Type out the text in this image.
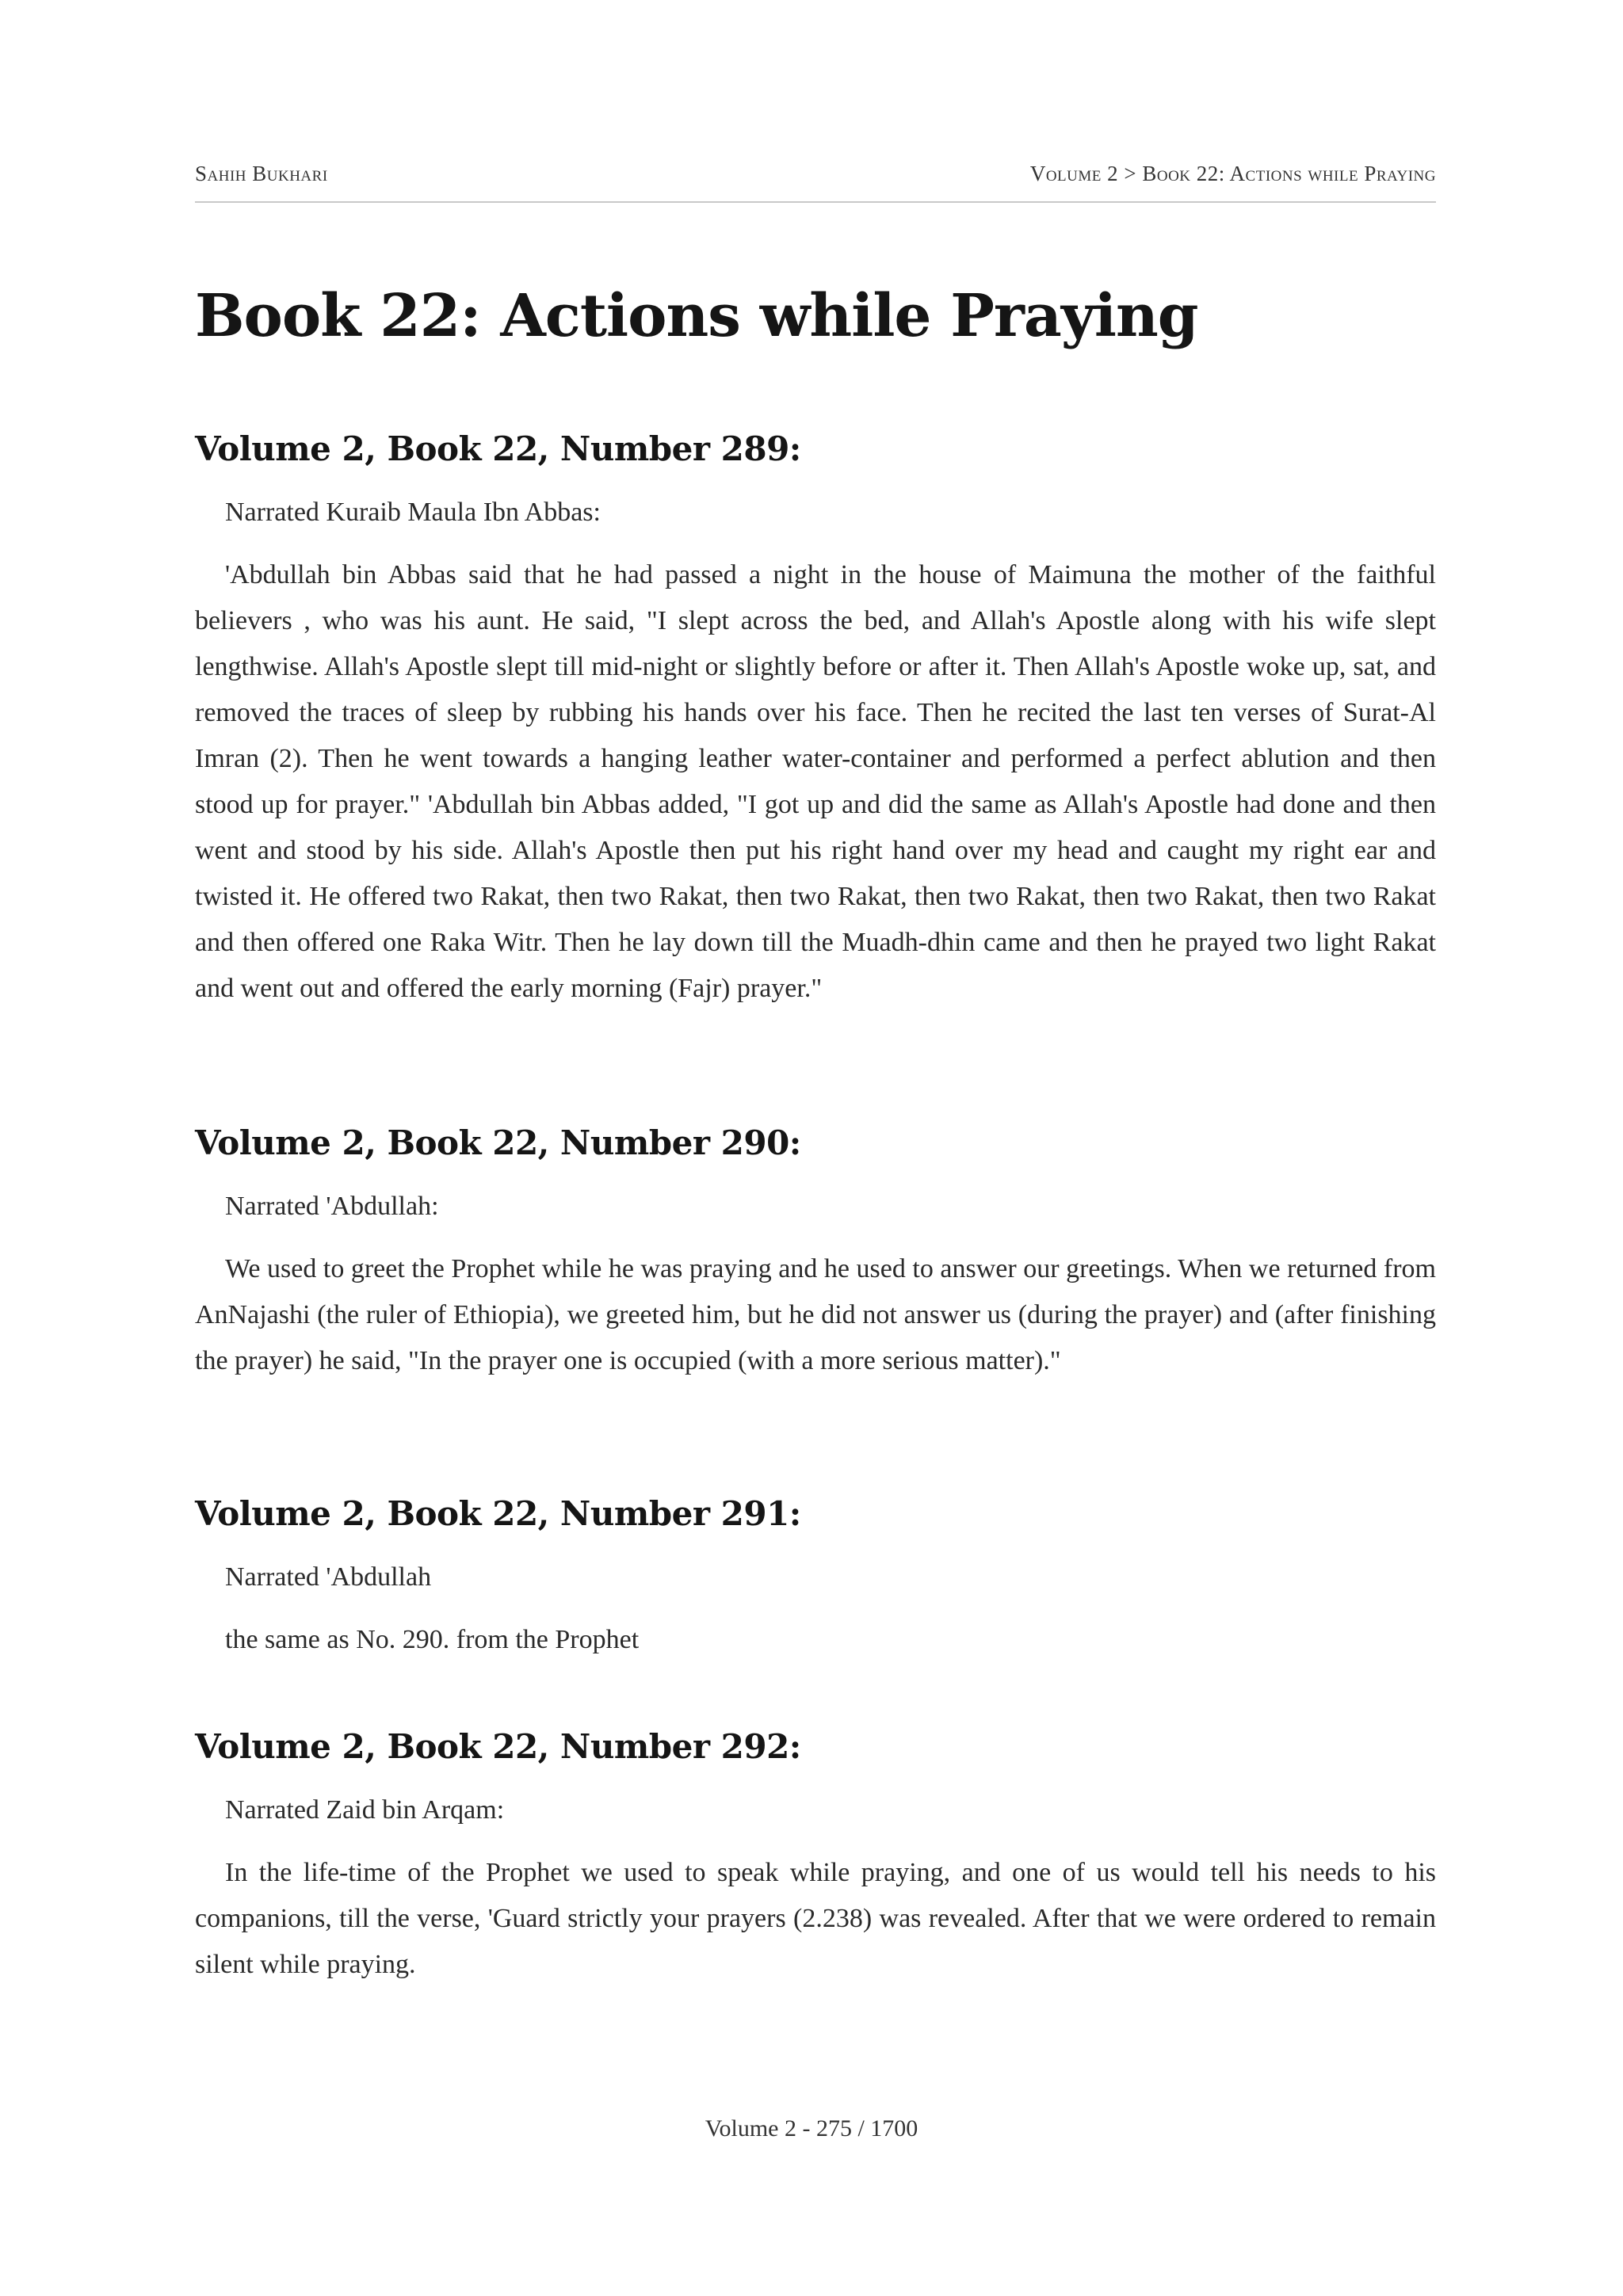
Sahih Bukhari	Volume 2 > Book 22: Actions while Praying
Book 22: Actions while Praying
Volume 2, Book 22, Number 289:

Narrated Kuraib Maula Ibn Abbas:

'Abdullah bin Abbas said that he had passed a night in the house of Maimuna the mother of the faithful believers , who was his aunt. He said, "I slept across the bed, and Allah's Apostle along with his wife slept lengthwise. Allah's Apostle slept till mid-night or slightly before or after it. Then Allah's Apostle woke up, sat, and removed the traces of sleep by rubbing his hands over his face. Then he recited the last ten verses of Surat-Al Imran (2). Then he went towards a hanging leather water-container and performed a perfect ablution and then stood up for prayer." 'Abdullah bin Abbas added, "I got up and did the same as Allah's Apostle had done and then went and stood by his side. Allah's Apostle then put his right hand over my head and caught my right ear and twisted it. He offered two Rakat, then two Rakat, then two Rakat, then two Rakat, then two Rakat, then two Rakat and then offered one Raka Witr. Then he lay down till the Muadh-dhin came and then he prayed two light Rakat and went out and offered the early morning (Fajr) prayer."

Volume 2, Book 22, Number 290:

Narrated 'Abdullah:

We used to greet the Prophet while he was praying and he used to answer our greetings. When we returned from AnNajashi (the ruler of Ethiopia), we greeted him, but he did not answer us (during the prayer) and (after finishing the prayer) he said, "In the prayer one is occupied (with a more serious matter)."

Volume 2, Book 22, Number 291:

Narrated 'Abdullah

the same as No. 290. from the Prophet

Volume 2, Book 22, Number 292:

Narrated Zaid bin Arqam:

In the life-time of the Prophet we used to speak while praying, and one of us would tell his needs to his companions, till the verse, 'Guard strictly your prayers (2.238) was revealed. After that we were ordered to remain silent while praying.

Volume 2 - 275 / 1700
